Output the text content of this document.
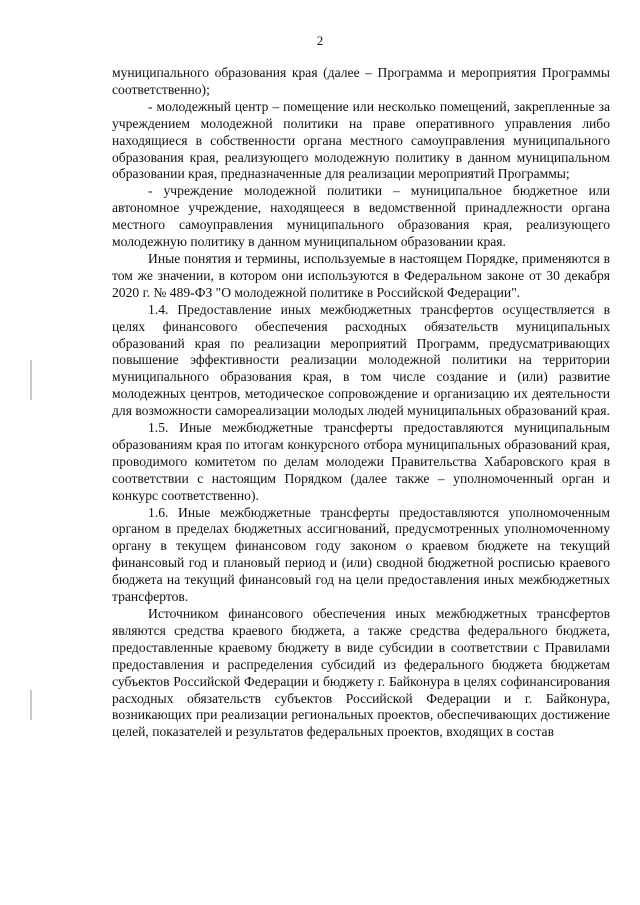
2

муниципального образования края (далее – Программа и мероприятия Программы соответственно);

- молодежный центр – помещение или несколько помещений, закрепленные за учреждением молодежной политики на праве оперативного управления либо находящиеся в собственности органа местного самоуправления муниципального образования края, реализующего молодежную политику в данном муниципальном образовании края, предназначенные для реализации мероприятий Программы;

- учреждение молодежной политики – муниципальное бюджетное или автономное учреждение, находящееся в ведомственной принадлежности органа местного самоуправления муниципального образования края, реализующего молодежную политику в данном муниципальном образовании края.

Иные понятия и термины, используемые в настоящем Порядке, применяются в том же значении, в котором они используются в Федеральном законе от 30 декабря 2020 г. № 489-ФЗ "О молодежной политике в Российской Федерации".

1.4. Предоставление иных межбюджетных трансфертов осуществляется в целях финансового обеспечения расходных обязательств муниципальных образований края по реализации мероприятий Программ, предусматривающих повышение эффективности реализации молодежной политики на территории муниципального образования края, в том числе создание и (или) развитие молодежных центров, методическое сопровождение и организацию их деятельности для возможности самореализации молодых людей муниципальных образований края.

1.5. Иные межбюджетные трансферты предоставляются муниципальным образованиям края по итогам конкурсного отбора муниципальных образований края, проводимого комитетом по делам молодежи Правительства Хабаровского края в соответствии с настоящим Порядком (далее также – уполномоченный орган и конкурс соответственно).

1.6. Иные межбюджетные трансферты предоставляются уполномоченным органом в пределах бюджетных ассигнований, предусмотренных уполномоченному органу в текущем финансовом году законом о краевом бюджете на текущий финансовый год и плановый период и (или) сводной бюджетной росписью краевого бюджета на текущий финансовый год на цели предоставления иных межбюджетных трансфертов.

Источником финансового обеспечения иных межбюджетных трансфертов являются средства краевого бюджета, а также средства федерального бюджета, предоставленные краевому бюджету в виде субсидии в соответствии с Правилами предоставления и распределения субсидий из федерального бюджета бюджетам субъектов Российской Федерации и бюджету г. Байконура в целях софинансирования расходных обязательств субъектов Российской Федерации и г. Байконура, возникающих при реализации региональных проектов, обеспечивающих достижение целей, показателей и результатов федеральных проектов, входящих в состав
